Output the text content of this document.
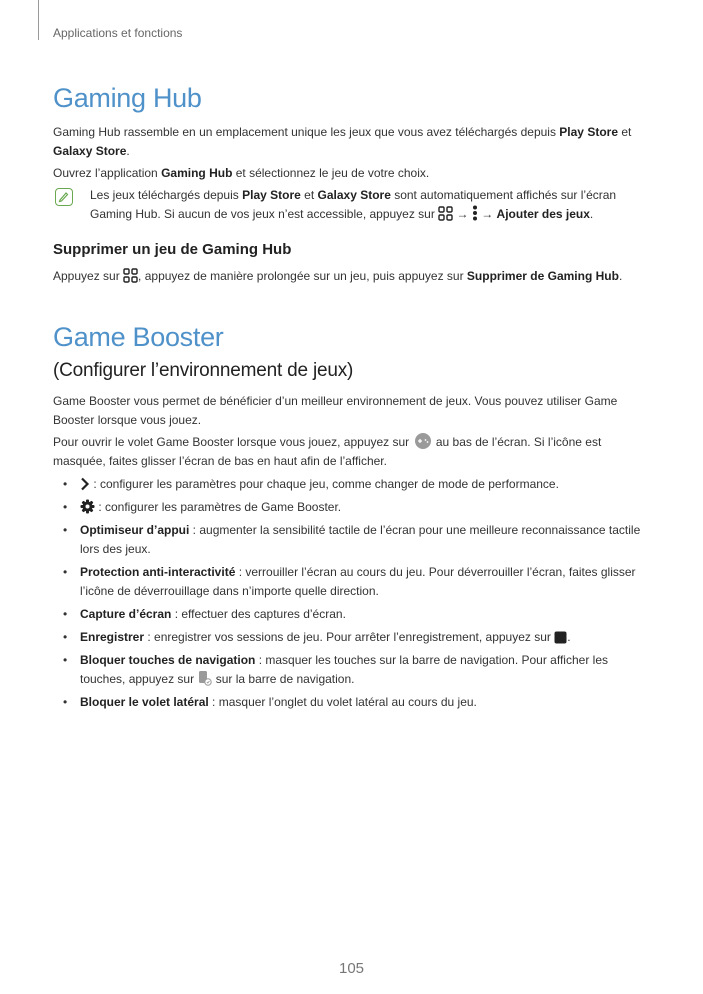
Applications et fonctions
Gaming Hub

Gaming Hub rassemble en un emplacement unique les jeux que vous avez téléchargés depuis Play Store et Galaxy Store.

Ouvrez l’application Gaming Hub et sélectionnez le jeu de votre choix.

Les jeux téléchargés depuis Play Store et Galaxy Store sont automatiquement affichés sur l’écran Gaming Hub. Si aucun de vos jeux n’est accessible, appuyez sur  →  → Ajouter des jeux.

Supprimer un jeu de Gaming Hub

Appuyez sur , appuyez de manière prolongée sur un jeu, puis appuyez sur Supprimer de Gaming Hub.

Game Booster
(Configurer l’environnement de jeux)

Game Booster vous permet de bénéficier d’un meilleur environnement de jeux. Vous pouvez utiliser Game Booster lorsque vous jouez.

Pour ouvrir le volet Game Booster lorsque vous jouez, appuyez sur  au bas de l’écran. Si l’icône est masquée, faites glisser l’écran de bas en haut afin de l’afficher.

• : configurer les paramètres pour chaque jeu, comme changer de mode de performance.
• : configurer les paramètres de Game Booster.
• Optimiseur d’appui : augmenter la sensibilité tactile de l’écran pour une meilleure reconnaissance tactile lors des jeux.
• Protection anti-interactivité : verrouiller l’écran au cours du jeu. Pour déverrouiller l’écran, faites glisser l’icône de déverrouillage dans n’importe quelle direction.
• Capture d’écran : effectuer des captures d’écran.
• Enregistrer : enregistrer vos sessions de jeu. Pour arrêter l’enregistrement, appuyez sur .
• Bloquer touches de navigation : masquer les touches sur la barre de navigation. Pour afficher les touches, appuyez sur  sur la barre de navigation.
• Bloquer le volet latéral : masquer l’onglet du volet latéral au cours du jeu.
105
